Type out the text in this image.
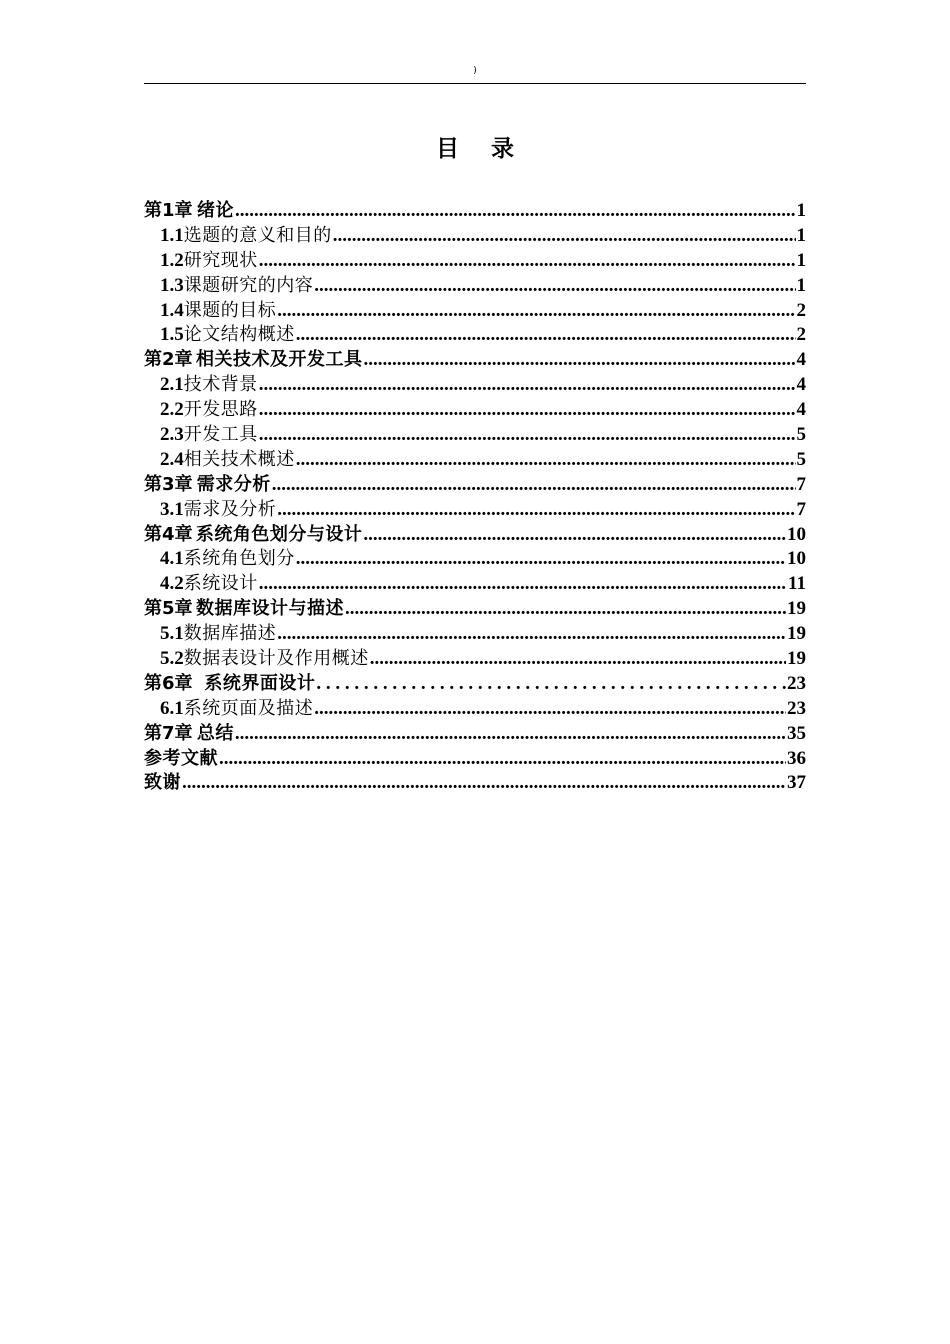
)
目 录
第1章 绪论 .....	1
1.1 选题的意义和目的 .....	1
1.2 研究现状 .....	1
1.3 课题研究的内容 .....	1
1.4 课题的目标 .....	2
1.5 论文结构概述 .....	2
第2章 相关技术及开发工具 .....	4
2.1 技术背景 .....	4
2.2 开发思路 .....	4
2.3 开发工具 .....	5
2.4 相关技术概述 .....	5
第3章 需求分析 .....	7
3.1 需求及分析 .....	7
第4章 系统角色划分与设计 .....	10
4.1 系统角色划分 .....	10
4.2 系统设计 .....	11
第5章 数据库设计与描述 .....	19
5.1 数据库描述 .....	19
5.2 数据表设计及作用概述 .....	19
第6章 系统界面设计 . . .	23
6.1 系统页面及描述 .....	23
第7章 总结 .....	35
参考文献 .....	36
致谢 .....	37
